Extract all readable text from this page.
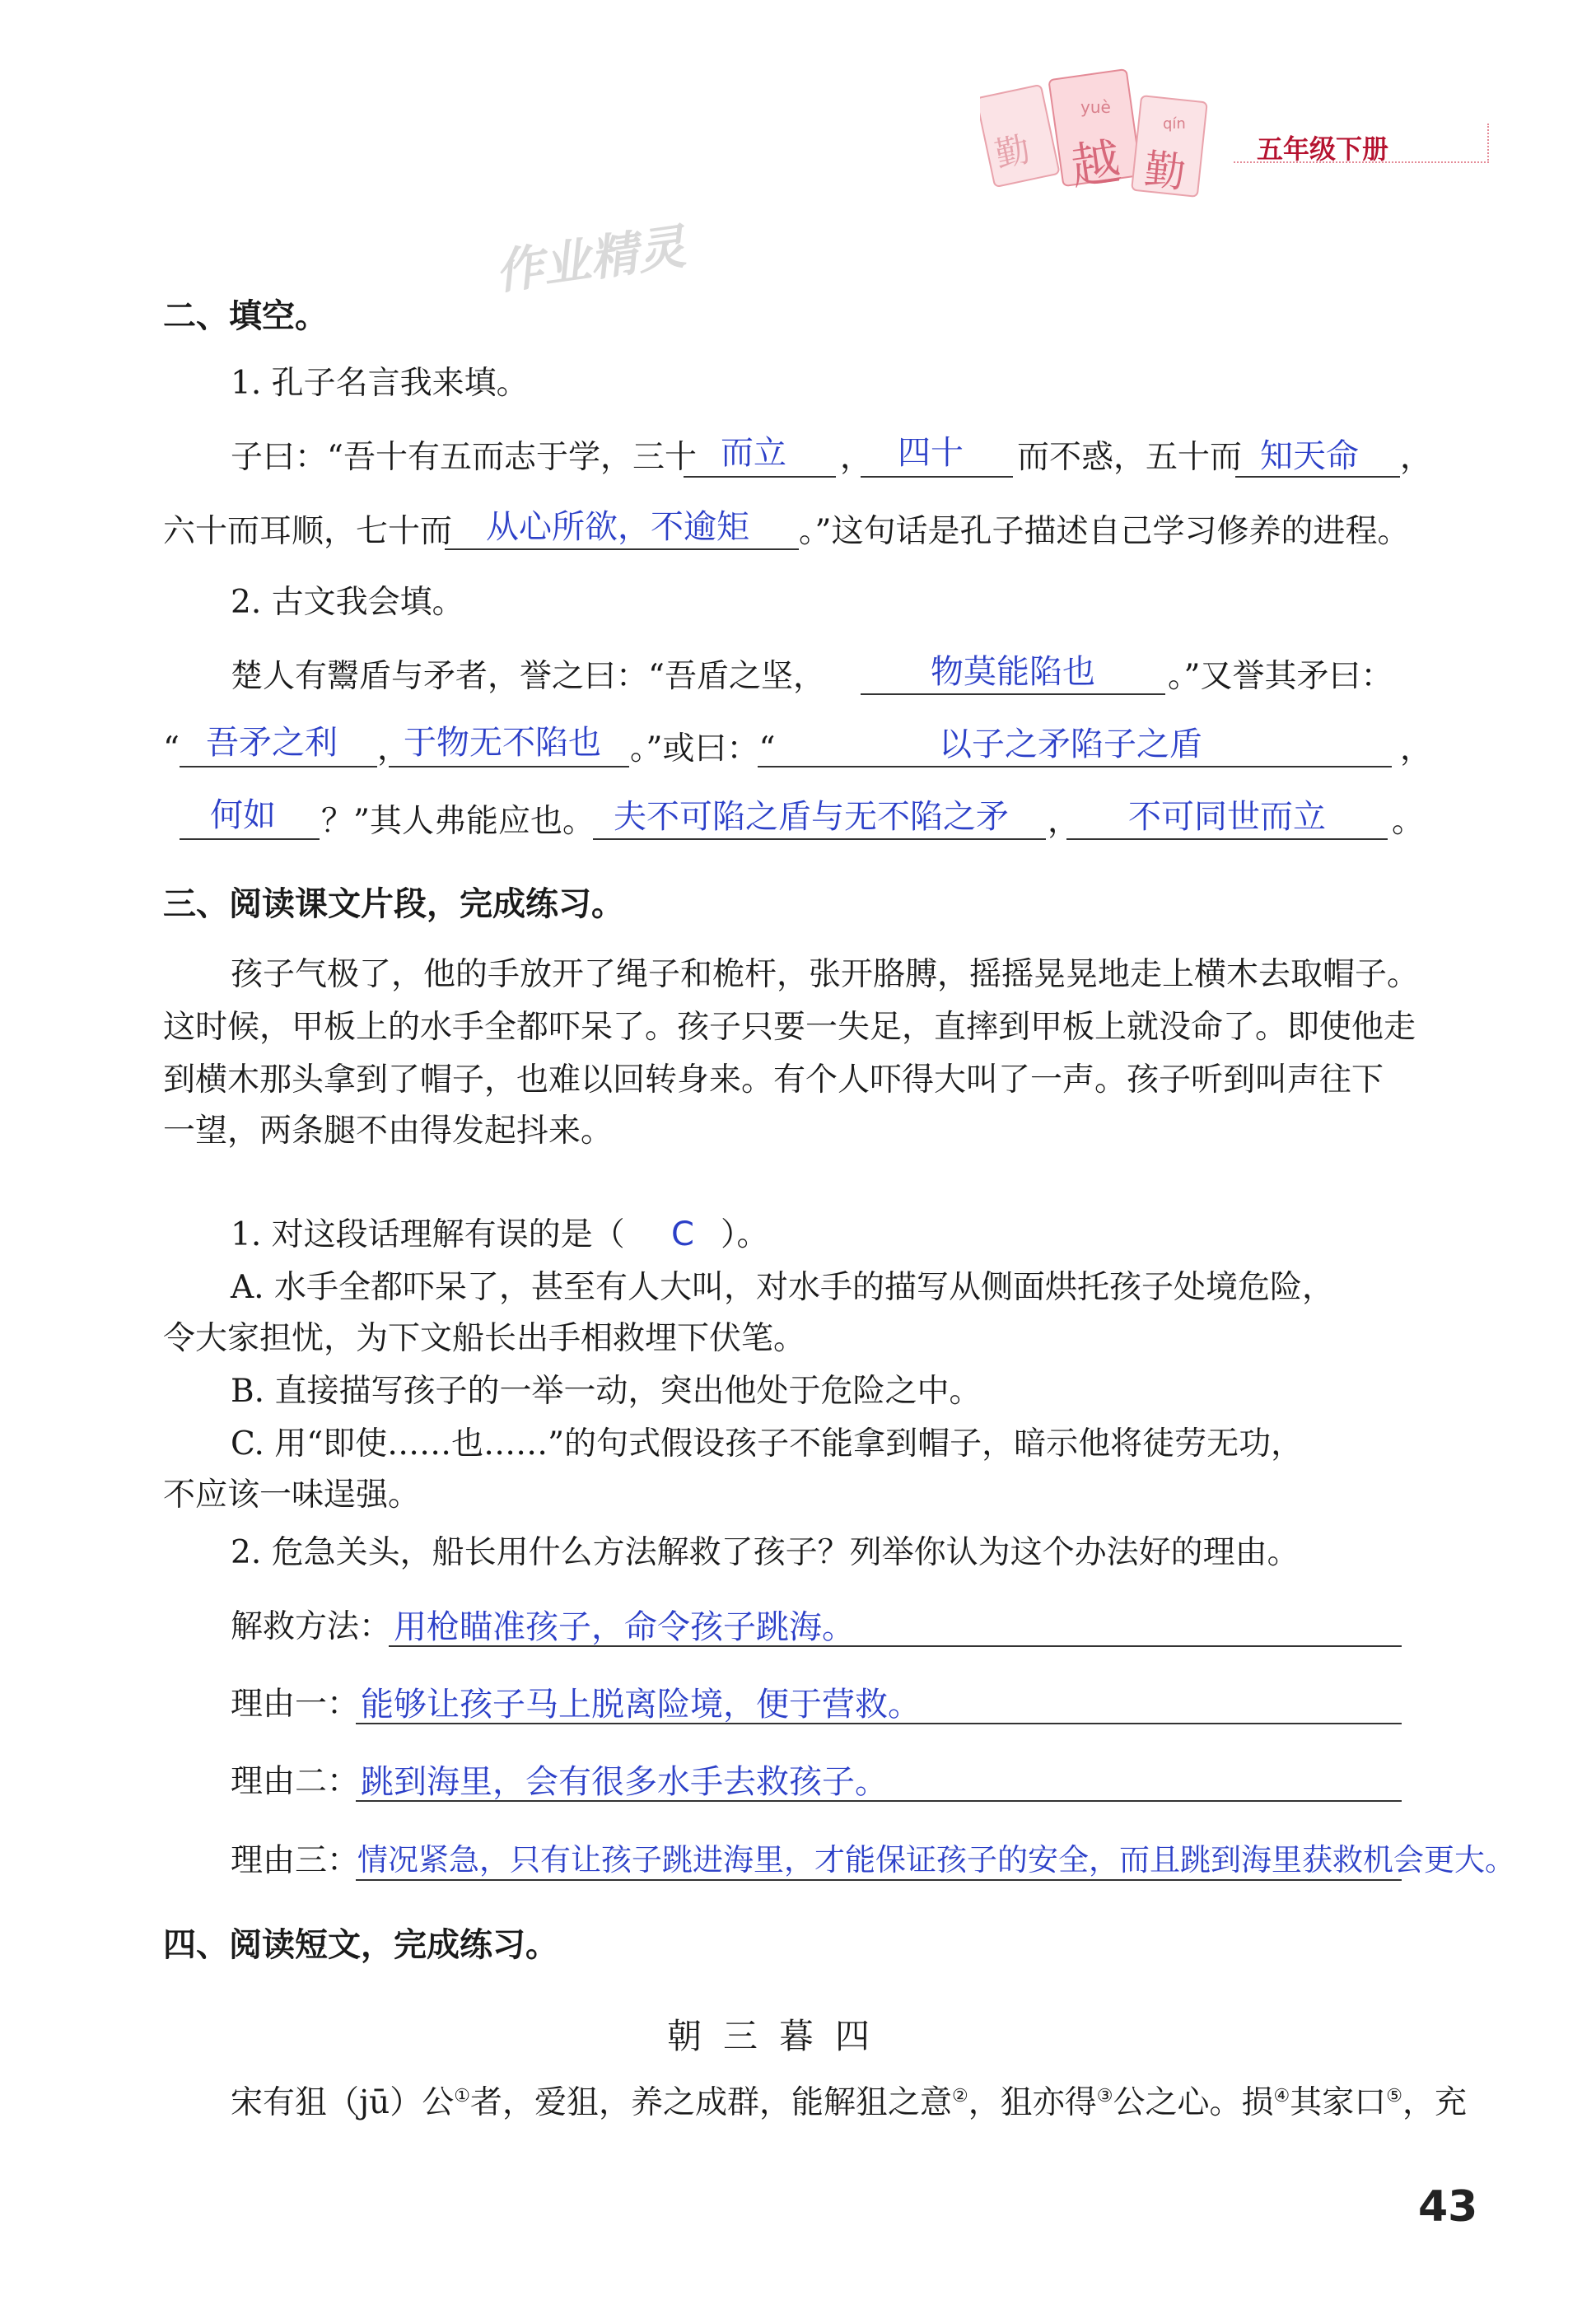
勤
yuè
越
qín
勤	五年级下册
作业精灵
二、填空。
1. 孔子名言我来填。
子曰：“吾十有五而志于学，三十 而立 ， 四十 而不惑，五十而 知天命 ，
六十而耳顺，七十而 从心所欲，不逾矩 。”这句话是孔子描述自己学习修养的进程。
2. 古文我会填。
楚人有鬻盾与矛者，誉之曰：“吾盾之坚，	物莫能陷也 。”又誉其矛曰：
“ 吾矛之利 ，
于物无不陷也 。”或曰：“	以子之矛陷子之盾	，
何如 ？”其人弗能应也。 夫不可陷之盾与无不陷之矛 ， 不可同世而立 。
三、阅读课文片段，完成练习。
孩子气极了，他的手放开了绳子和桅杆，张开胳膊，摇摇晃晃地走上横木去取帽子。
这时候，甲板上的水手全都吓呆了。孩子只要一失足，直摔到甲板上就没命了。即使他走
到横木那头拿到了帽子，也难以回转身来。有个人吓得大叫了一声。孩子听到叫声往下
一望，两条腿不由得发起抖来。
1. 对这段话理解有误的是（ C ）。
A. 水手全都吓呆了，甚至有人大叫，对水手的描写从侧面烘托孩子处境危险，
令大家担忧，为下文船长出手相救埋下伏笔。
B. 直接描写孩子的一举一动，突出他处于危险之中。
C. 用“即使……也……”的句式假设孩子不能拿到帽子，暗示他将徒劳无功，
不应该一味逞强。
2. 危急关头，船长用什么方法解救了孩子？列举你认为这个办法好的理由。
解救方法： 用枪瞄准孩子，命令孩子跳海。
理由一： 能够让孩子马上脱离险境，便于营救。
理由二： 跳到海里，会有很多水手去救孩子。
理由三：
情况紧急，只有让孩子跳进海里，才能保证孩子的安全，而且跳到海里获救机会更大。
四、阅读短文，完成练习。
朝三暮四
宋有狙（jū）公①者，爱狙，养之成群，能解狙之意②，狙亦得③公之心。损④其家口⑤，充
43
